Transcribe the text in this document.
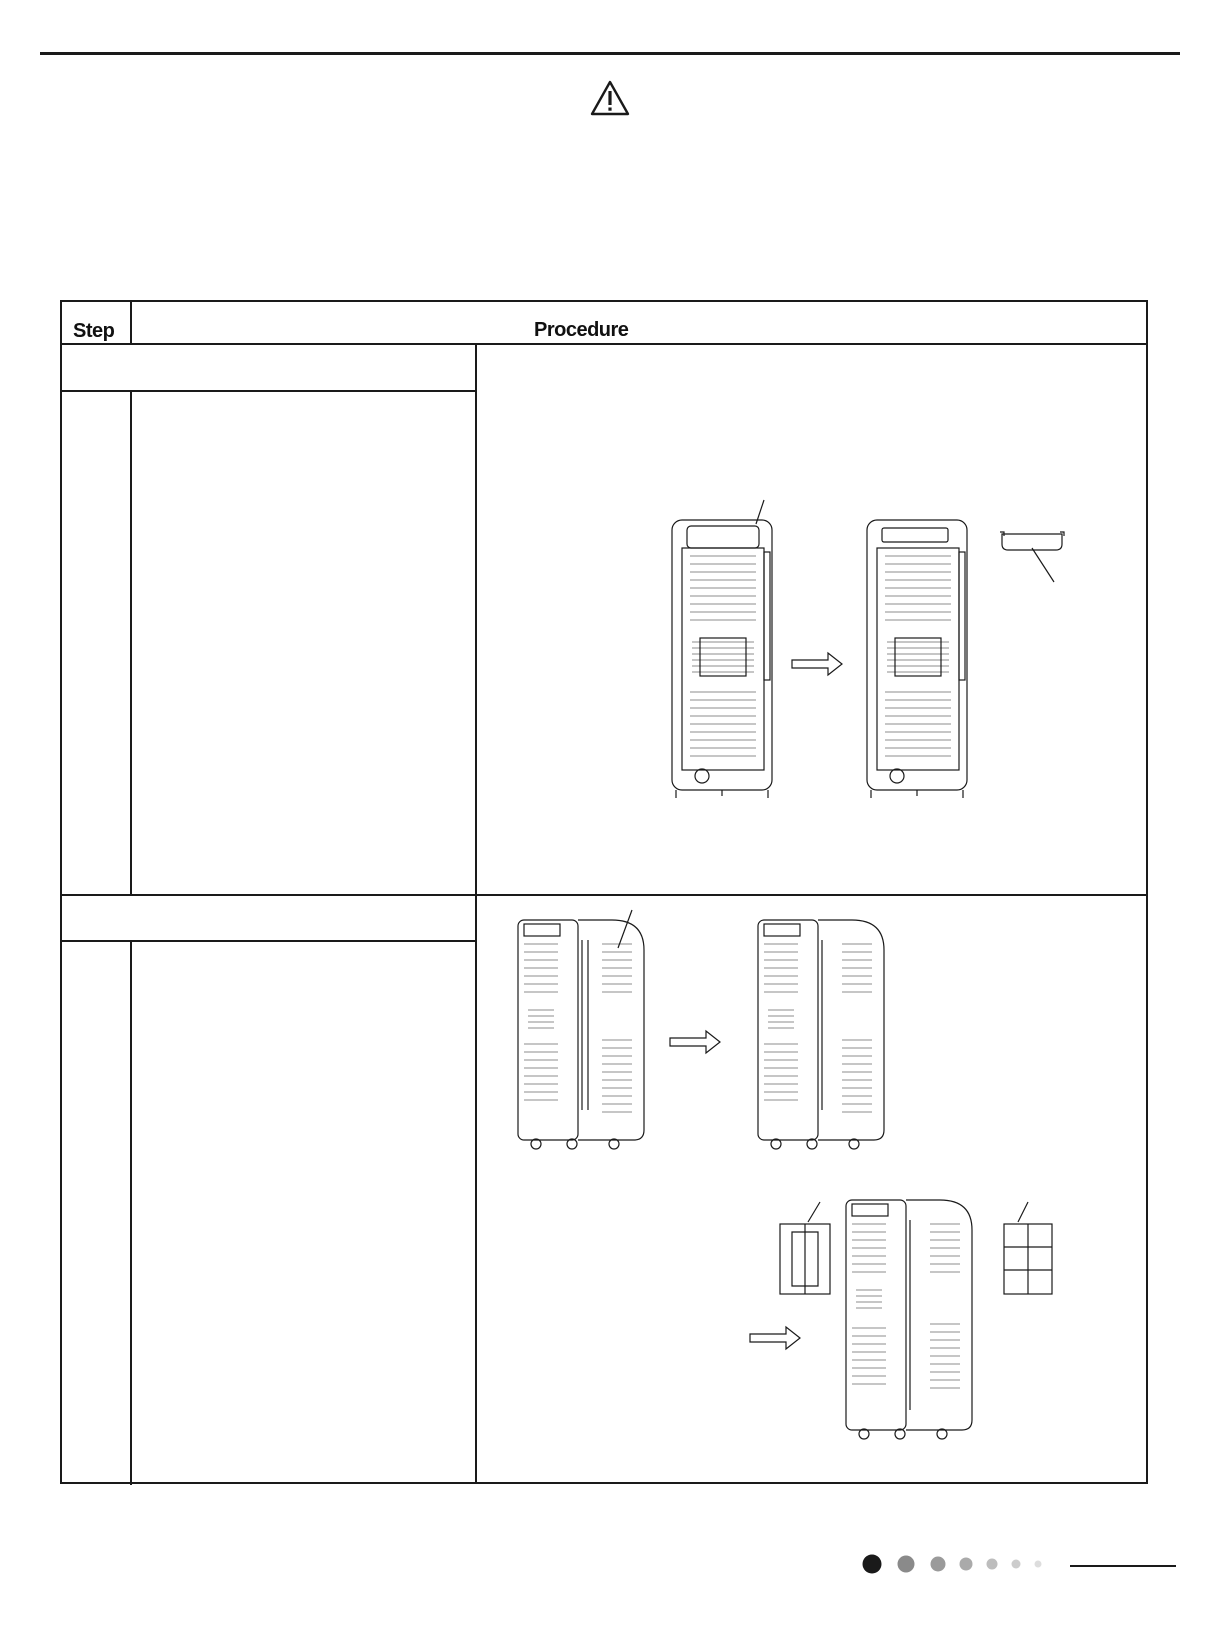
Step	Procedure
